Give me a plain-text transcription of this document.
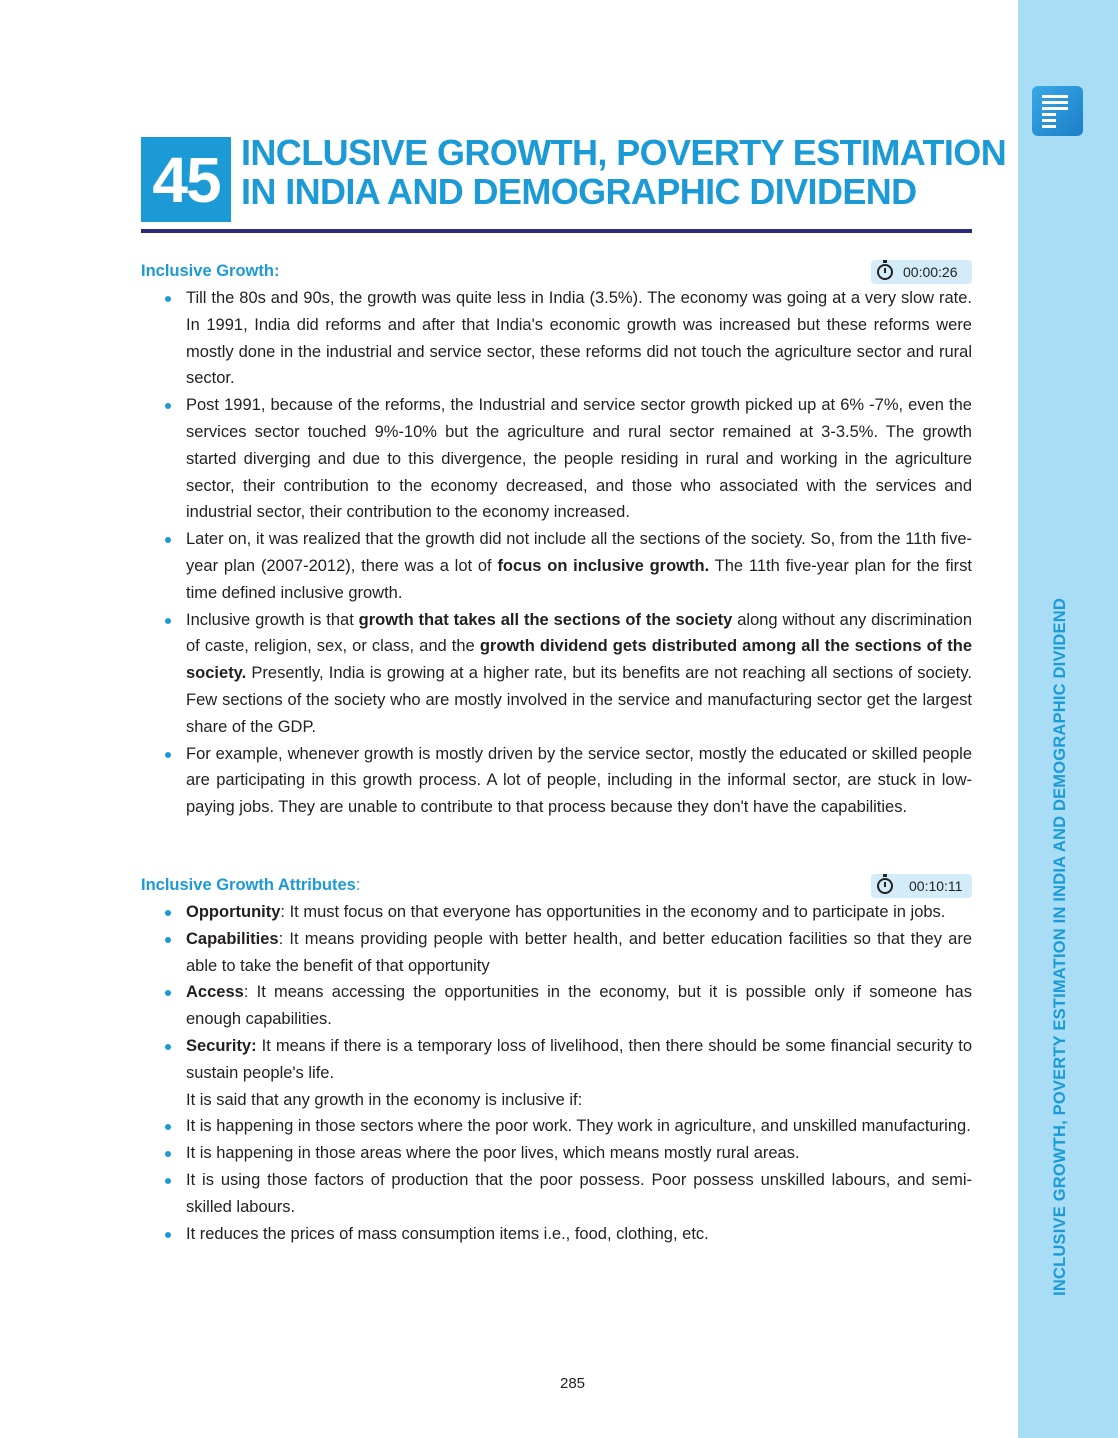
INCLUSIVE GROWTH, POVERTY ESTIMATION IN INDIA AND DEMOGRAPHIC DIVIDEND
45 INCLUSIVE GROWTH, POVERTY ESTIMATION
IN INDIA AND DEMOGRAPHIC DIVIDEND
Inclusive Growth:	00:00:26
Till the 80s and 90s, the growth was quite less in India (3.5%). The economy was going at a very slow rate. In 1991, India did reforms and after that India's economic growth was increased but these reforms were mostly done in the industrial and service sector, these reforms did not touch the agriculture sector and rural sector.
Post 1991, because of the reforms, the Industrial and service sector growth picked up at 6% -7%, even the services sector touched 9%-10% but the agriculture and rural sector remained at 3-3.5%. The growth started diverging and due to this divergence, the people residing in rural and working in the agriculture sector, their contribution to the economy decreased, and those who associated with the services and industrial sector, their contribution to the economy increased.
Later on, it was realized that the growth did not include all the sections of the society. So, from the 11th five-year plan (2007-2012), there was a lot of focus on inclusive growth. The 11th five-year plan for the first time defined inclusive growth.
Inclusive growth is that growth that takes all the sections of the society along without any discrimination of caste, religion, sex, or class, and the growth dividend gets distributed among all the sections of the society. Presently, India is growing at a higher rate, but its benefits are not reaching all sections of society. Few sections of the society who are mostly involved in the service and manufacturing sector get the largest share of the GDP.
For example, whenever growth is mostly driven by the service sector, mostly the educated or skilled people are participating in this growth process. A lot of people, including in the informal sector, are stuck in low-paying jobs. They are unable to contribute to that process because they don't have the capabilities.
Inclusive Growth Attributes:	00:10:11
Opportunity: It must focus on that everyone has opportunities in the economy and to participate in jobs.
Capabilities: It means providing people with better health, and better education facilities so that they are able to take the benefit of that opportunity
Access: It means accessing the opportunities in the economy, but it is possible only if someone has enough capabilities.
Security: It means if there is a temporary loss of livelihood, then there should be some financial security to sustain people's life.
It is said that any growth in the economy is inclusive if:
It is happening in those sectors where the poor work. They work in agriculture, and unskilled manufacturing.
It is happening in those areas where the poor lives, which means mostly rural areas.
It is using those factors of production that the poor possess. Poor possess unskilled labours, and semi-skilled labours.
It reduces the prices of mass consumption items i.e., food, clothing, etc.
285
